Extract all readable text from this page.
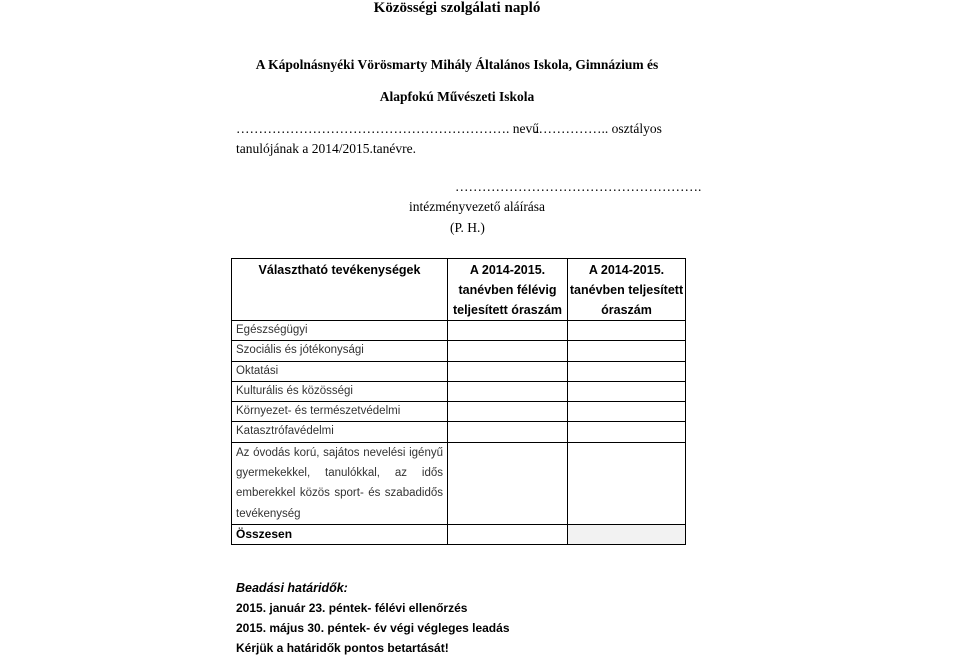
Közösségi szolgálati napló
A Kápolnásnyéki Vörösmarty Mihály Általános Iskola, Gimnázium és
Alapfokú Művészeti Iskola
……………………………………………………. nevű
…………….. osztályos
tanulójának a 2014/2015.tanévre.
……………………………………………….
intézményvezető aláírása
(P. H.)
Választható tevékenységek	A 2014-2015. tanévben félévig teljesített óraszám	A 2014-2015. tanévben teljesített óraszám

Egészségügyi		
Szociális és jótékonysági		
Oktatási		
Kulturális és közösségi		
Környezet- és természetvédelmi		
Katasztrófavédelmi		
Az óvodás korú, sajátos nevelési igényű gyermekekkel, tanulókkal, az idős emberekkel közös sport- és szabadidős tevékenység		
Összesen		
Beadási határidők:
2015. január 23. péntek- félévi ellenőrzés
2015. május 30. péntek- év végi végleges leadás
Kérjük a határidők pontos betartását!
